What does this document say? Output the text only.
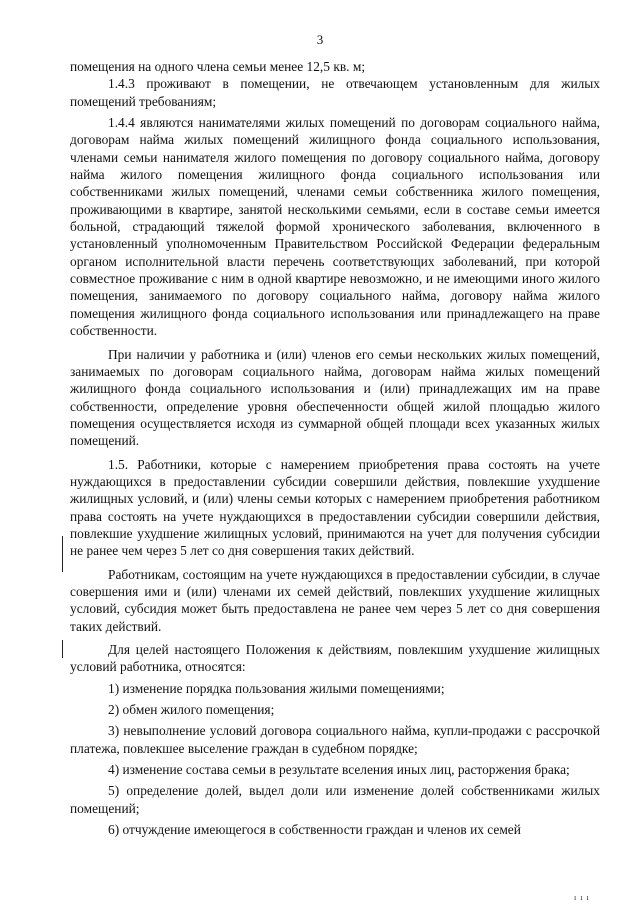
3

помещения на одного члена семьи менее 12,5 кв. м;

1.4.3 проживают в помещении, не отвечающем установленным для жилых помещений требованиям;

1.4.4 являются нанимателями жилых помещений по договорам социального найма, договорам найма жилых помещений жилищного фонда социального использования, членами семьи нанимателя жилого помещения по договору социального найма, договору найма жилого помещения жилищного фонда социального использования или собственниками жилых помещений, членами семьи собственника жилого помещения, проживающими в квартире, занятой несколькими семьями, если в составе семьи имеется больной, страдающий тяжелой формой хронического заболевания, включенного в установленный уполномоченным Правительством Российской Федерации федеральным органом исполнительной власти перечень соответствующих заболеваний, при которой совместное проживание с ним в одной квартире невозможно, и не имеющими иного жилого помещения, занимаемого по договору социального найма, договору найма жилого помещения жилищного фонда социального использования или принадлежащего на праве собственности.

При наличии у работника и (или) членов его семьи нескольких жилых помещений, занимаемых по договорам социального найма, договорам найма жилых помещений жилищного фонда социального использования и (или) принадлежащих им на праве собственности, определение уровня обеспеченности общей жилой площадью жилого помещения осуществляется исходя из суммарной общей площади всех указанных жилых помещений.

1.5. Работники, которые с намерением приобретения права состоять на учете нуждающихся в предоставлении субсидии совершили действия, повлекшие ухудшение жилищных условий, и (или) члены семьи которых с намерением приобретения работником права состоять на учете нуждающихся в предоставлении субсидии совершили действия, повлекшие ухудшение жилищных условий, принимаются на учет для получения субсидии не ранее чем через 5 лет со дня совершения таких действий.

Работникам, состоящим на учете нуждающихся в предоставлении субсидии, в случае совершения ими и (или) членами их семей действий, повлекших ухудшение жилищных условий, субсидия может быть предоставлена не ранее чем через 5 лет со дня совершения таких действий.

Для целей настоящего Положения к действиям, повлекшим ухудшение жилищных условий работника, относятся:

1) изменение порядка пользования жилыми помещениями;

2) обмен жилого помещения;

3) невыполнение условий договора социального найма, купли-продажи с рассрочкой платежа, повлекшее выселение граждан в судебном порядке;

4) изменение состава семьи в результате вселения иных лиц, расторжения брака;

5) определение долей, выдел доли или изменение долей собственниками жилых помещений;

6) отчуждение имеющегося в собственности граждан и членов их семей

ı ı ı
